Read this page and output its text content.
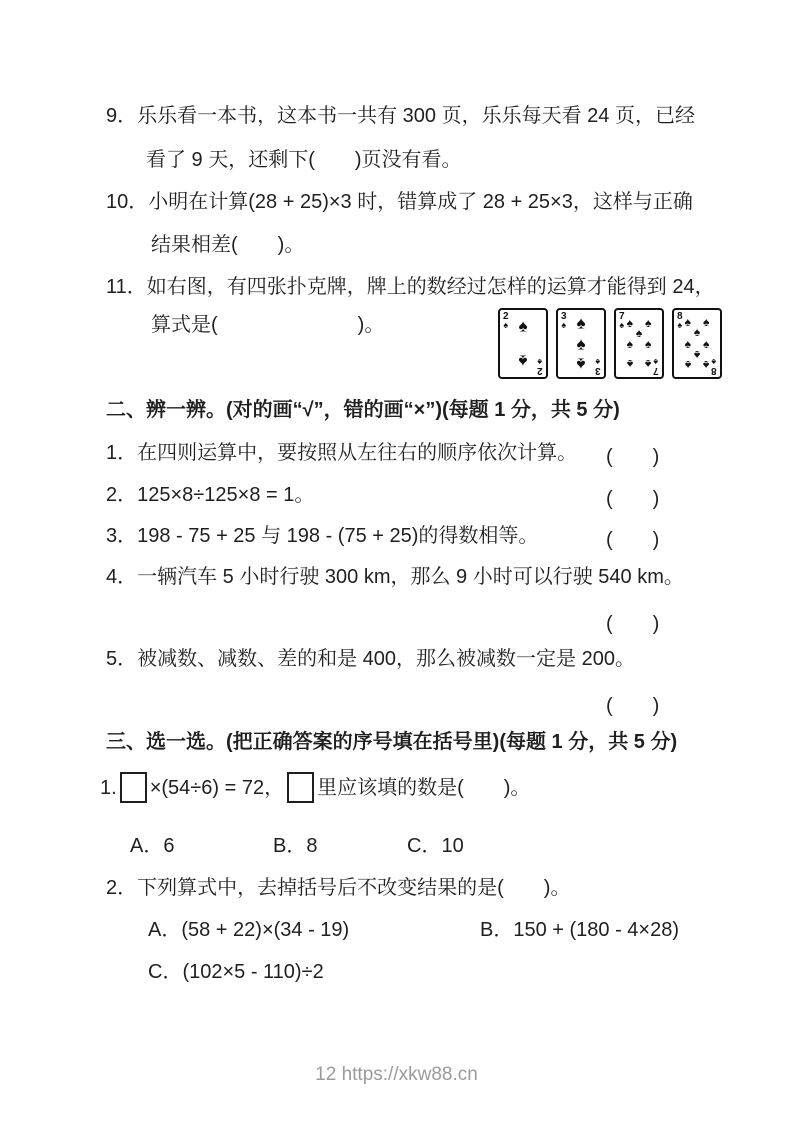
9．乐乐看一本书，这本书一共有 300 页，乐乐每天看 24 页，已经
看了 9 天，还剩下(　　)页没有看。
10．小明在计算(28 + 25)×3 时，错算成了 28 + 25×3，这样与正确
结果相差(　　)。
11．如右图，有四张扑克牌，牌上的数经过怎样的运算才能得到 24，
算式是(　　　　　　　)。	2
♠
2
♠
♠
♠
3
♠
3
♠
♠
♠
♠
7
♠
7
♠
♠ ♠
♠
♠ ♠
♠ ♠
8
♠
8
♠
♠ ♠
♠
♠ ♠
♠
♠ ♠
二、辨一辨。(对的画“√”，错的画“×”)(每题 1 分，共 5 分)
1．在四则运算中，要按照从左往右的顺序依次计算。 (　　)
2．125×8÷125×8 = 1。	(　　)
3．198 - 75 + 25 与 198 - (75 + 25)的得数相等。	(　　)
4．一辆汽车 5 小时行驶 300 km，那么 9 小时可以行驶 540 km。
(　　)
5．被减数、减数、差的和是 400，那么被减数一定是 200。
(　　)
三、选一选。(把正确答案的序号填在括号里)(每题 1 分，共 5 分)
1. ×(54÷6) = 72， 里应该填的数是(　　)。
A．6	B．8	C．10
2．下列算式中，去掉括号后不改变结果的是(　　)。
A．(58 + 22)×(34 - 19)	B．150 + (180 - 4×28)
C．(102×5 - 110)÷2
12 https://xkw88.cn
